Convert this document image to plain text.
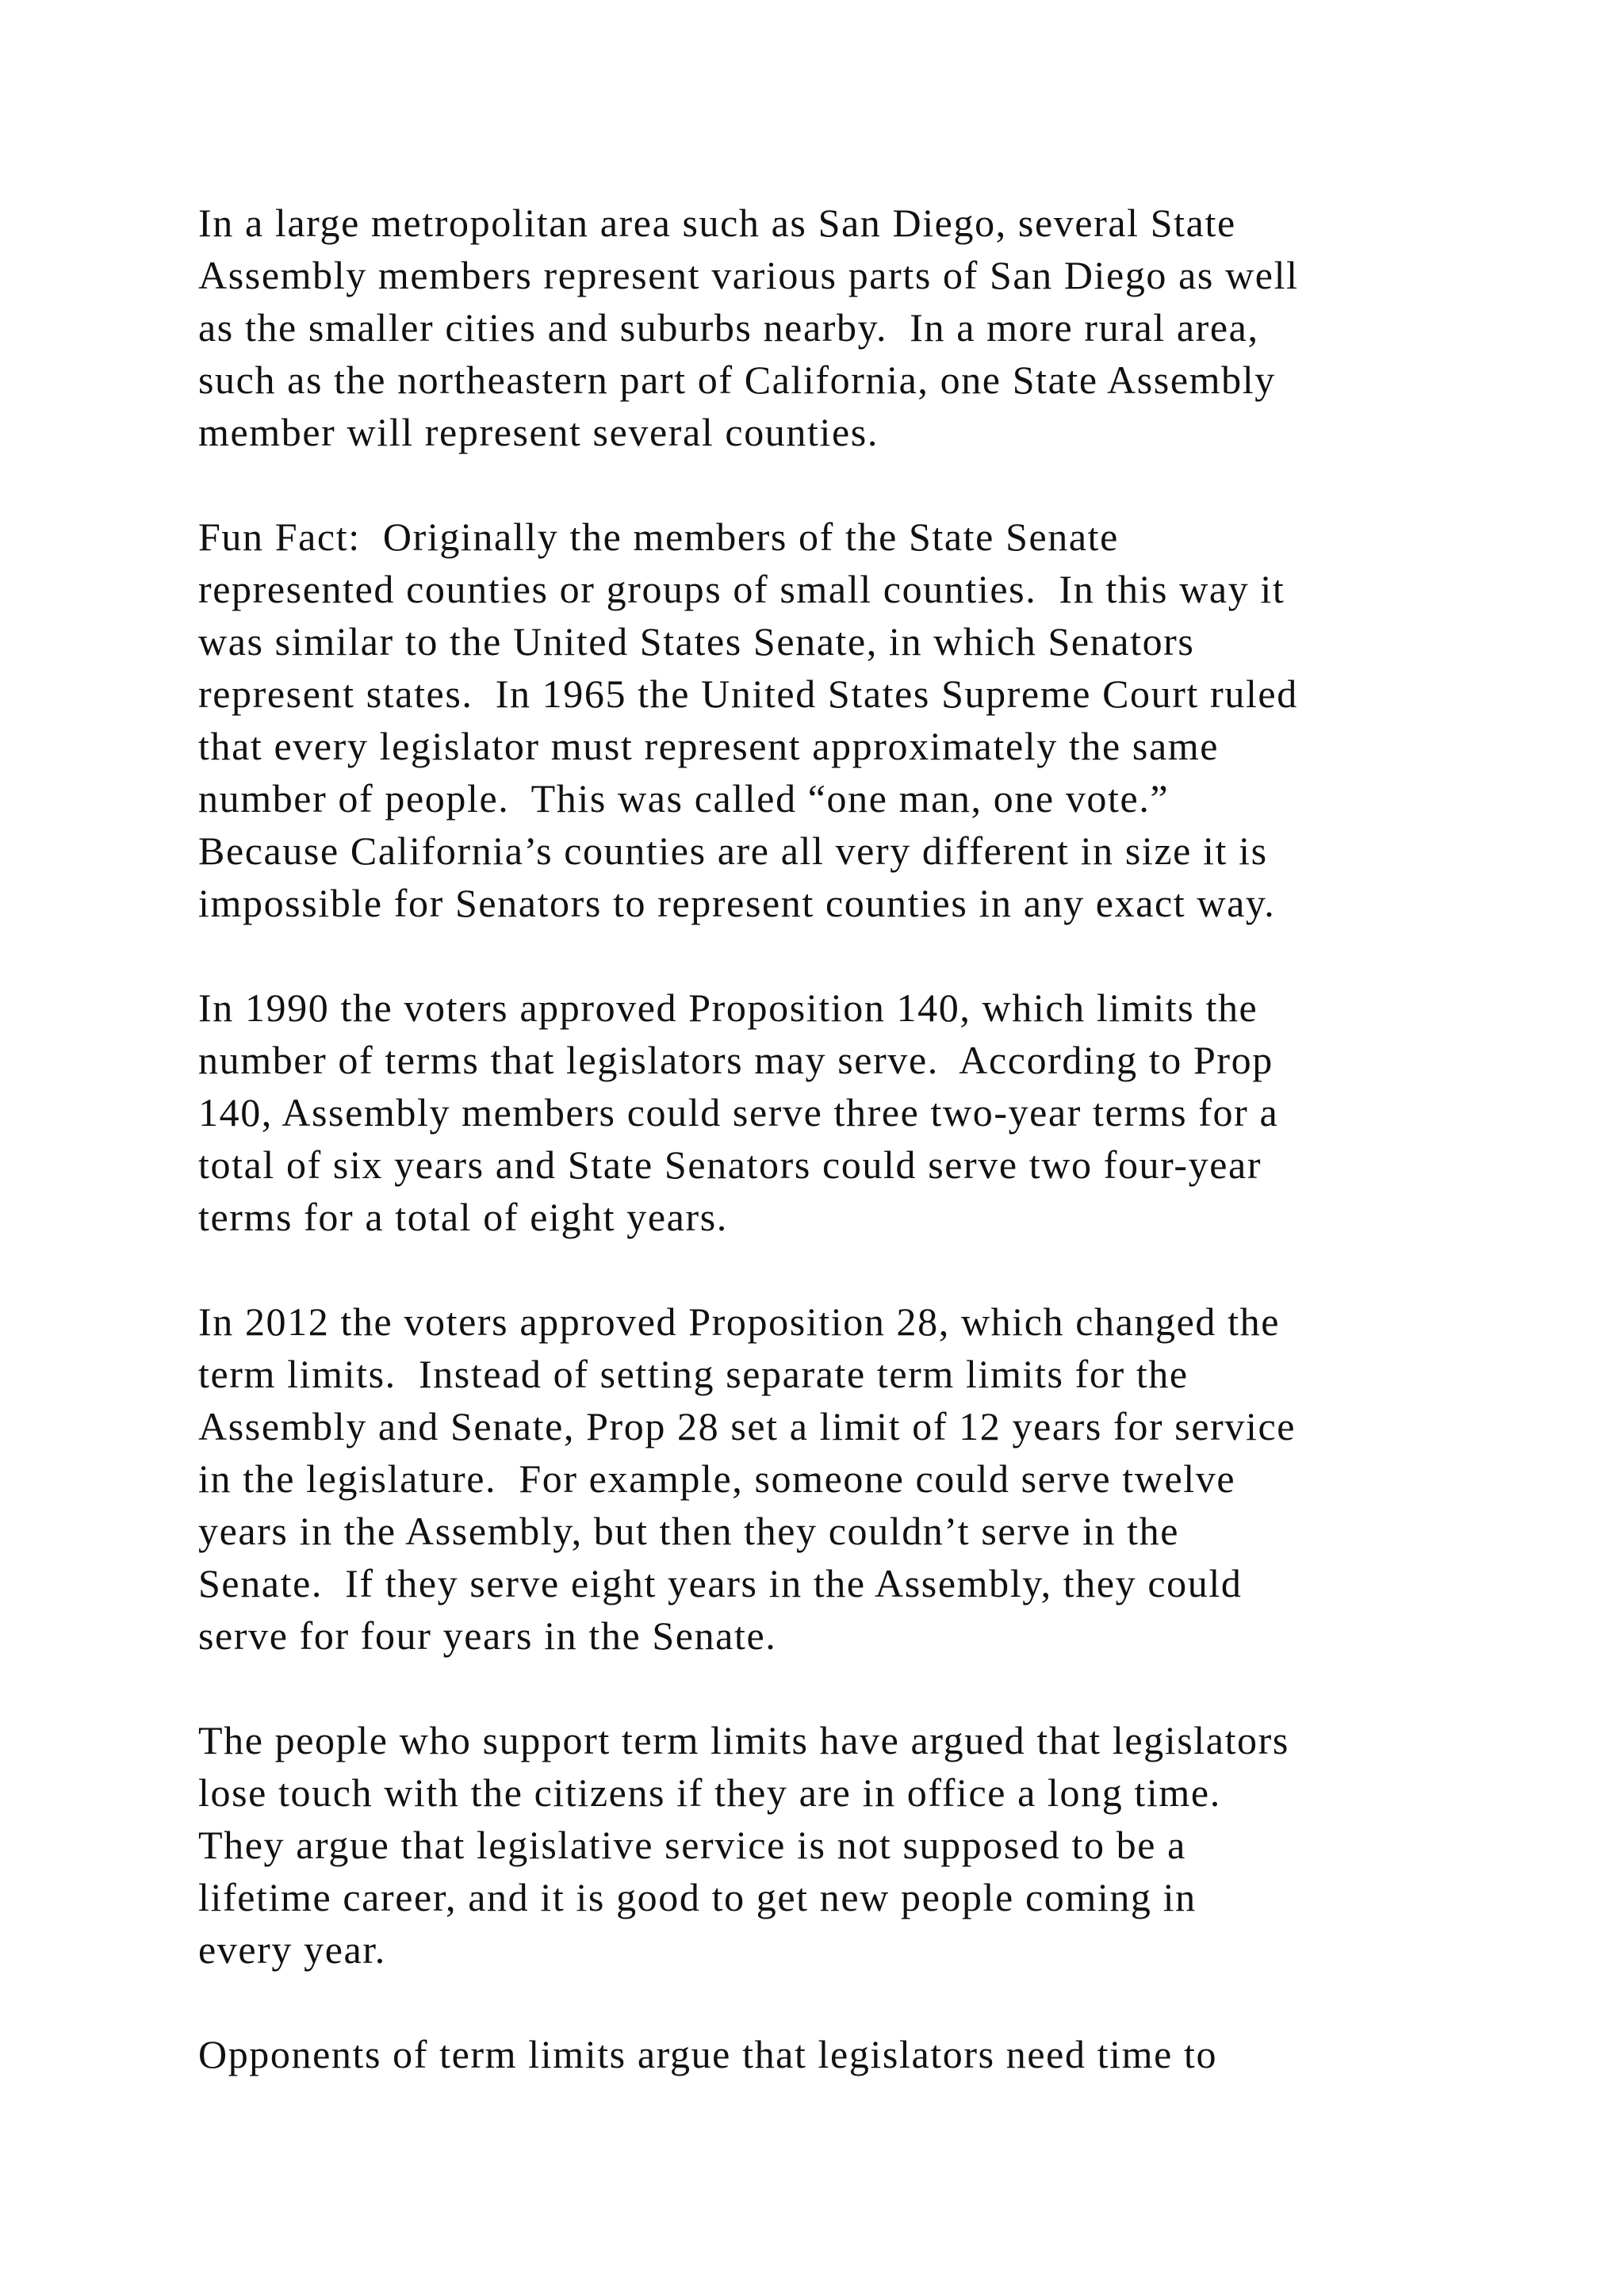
In a large metropolitan area such as San Diego, several State
Assembly members represent various parts of San Diego as well
as the smaller cities and suburbs nearby.  In a more rural area,
such as the northeastern part of California, one State Assembly
member will represent several counties.

Fun Fact:  Originally the members of the State Senate
represented counties or groups of small counties.  In this way it
was similar to the United States Senate, in which Senators
represent states.  In 1965 the United States Supreme Court ruled
that every legislator must represent approximately the same
number of people.  This was called “one man, one vote.”
Because California’s counties are all very different in size it is
impossible for Senators to represent counties in any exact way.

In 1990 the voters approved Proposition 140, which limits the
number of terms that legislators may serve.  According to Prop
140, Assembly members could serve three two-year terms for a
total of six years and State Senators could serve two four-year
terms for a total of eight years.

In 2012 the voters approved Proposition 28, which changed the
term limits.  Instead of setting separate term limits for the
Assembly and Senate, Prop 28 set a limit of 12 years for service
in the legislature.  For example, someone could serve twelve
years in the Assembly, but then they couldn’t serve in the
Senate.  If they serve eight years in the Assembly, they could
serve for four years in the Senate.

The people who support term limits have argued that legislators
lose touch with the citizens if they are in office a long time.
They argue that legislative service is not supposed to be a
lifetime career, and it is good to get new people coming in
every year.

Opponents of term limits argue that legislators need time to
